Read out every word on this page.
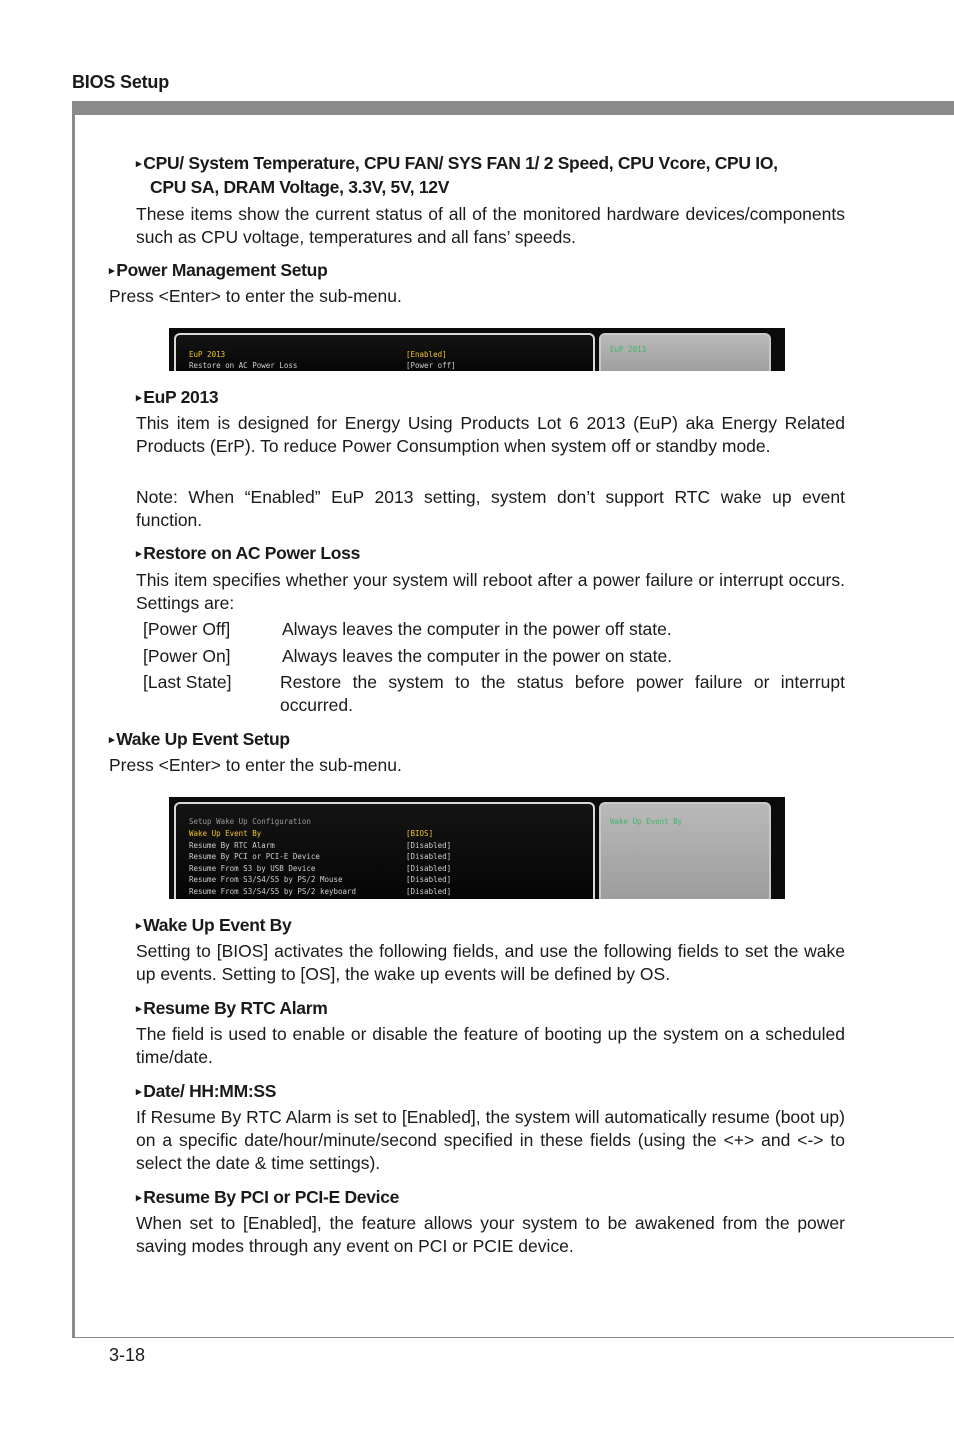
BIOS Setup
3-18
▸ CPU/ System Temperature, CPU FAN/ SYS FAN 1/ 2 Speed, CPU Vcore, CPU IO,
CPU SA, DRAM Voltage, 3.3V, 5V, 12V
These items show the current status of all of the monitored hardware devices/components such as CPU voltage, temperatures and all fans’ speeds.
▸ Power Management Setup
Press <Enter> to enter the sub-menu.
EuP 2013	[Enabled]
Restore on AC Power Loss	[Power off]
EuP 2013
▸ EuP 2013
This item is designed for Energy Using Products Lot 6 2013 (EuP) aka Energy Related Products (ErP). To reduce Power Consumption when system off or standby mode.
Note: When “Enabled” EuP 2013 setting, system don’t support RTC wake up event function.
▸ Restore on AC Power Loss
This item specifies whether your system will reboot after a power failure or interrupt occurs. Settings are:
[Power Off]	Always leaves the computer in the power off state.
[Power On]	Always leaves the computer in the power on state.
[Last State]	Restore the system to the status before power failure or interrupt occurred.
▸ Wake Up Event Setup
Press <Enter> to enter the sub-menu.
Setup Wake Up Configuration
Wake Up Event By	[BIOS]
Resume By RTC Alarm	[Disabled]
Resume By PCI or PCI-E Device	[Disabled]
Resume From S3 by USB Device	[Disabled]
Resume From S3/S4/S5 by PS/2 Mouse	[Disabled]
Resume From S3/S4/S5 by PS/2 keyboard	[Disabled]
Wake Up Event By
▸ Wake Up Event By
Setting to [BIOS] activates the following fields, and use the following fields to set the wake up events. Setting to [OS], the wake up events will be defined by OS.
▸ Resume By RTC Alarm
The field is used to enable or disable the feature of booting up the system on a scheduled time/date.
▸ Date/ HH:MM:SS
If Resume By RTC Alarm is set to [Enabled], the system will automatically resume (boot up) on a specific date/hour/minute/second specified in these fields (using the <+> and <-> to select the date & time settings).
▸ Resume By PCI or PCI-E Device
When set to [Enabled], the feature allows your system to be awakened from the power saving modes through any event on PCI or PCIE device.
